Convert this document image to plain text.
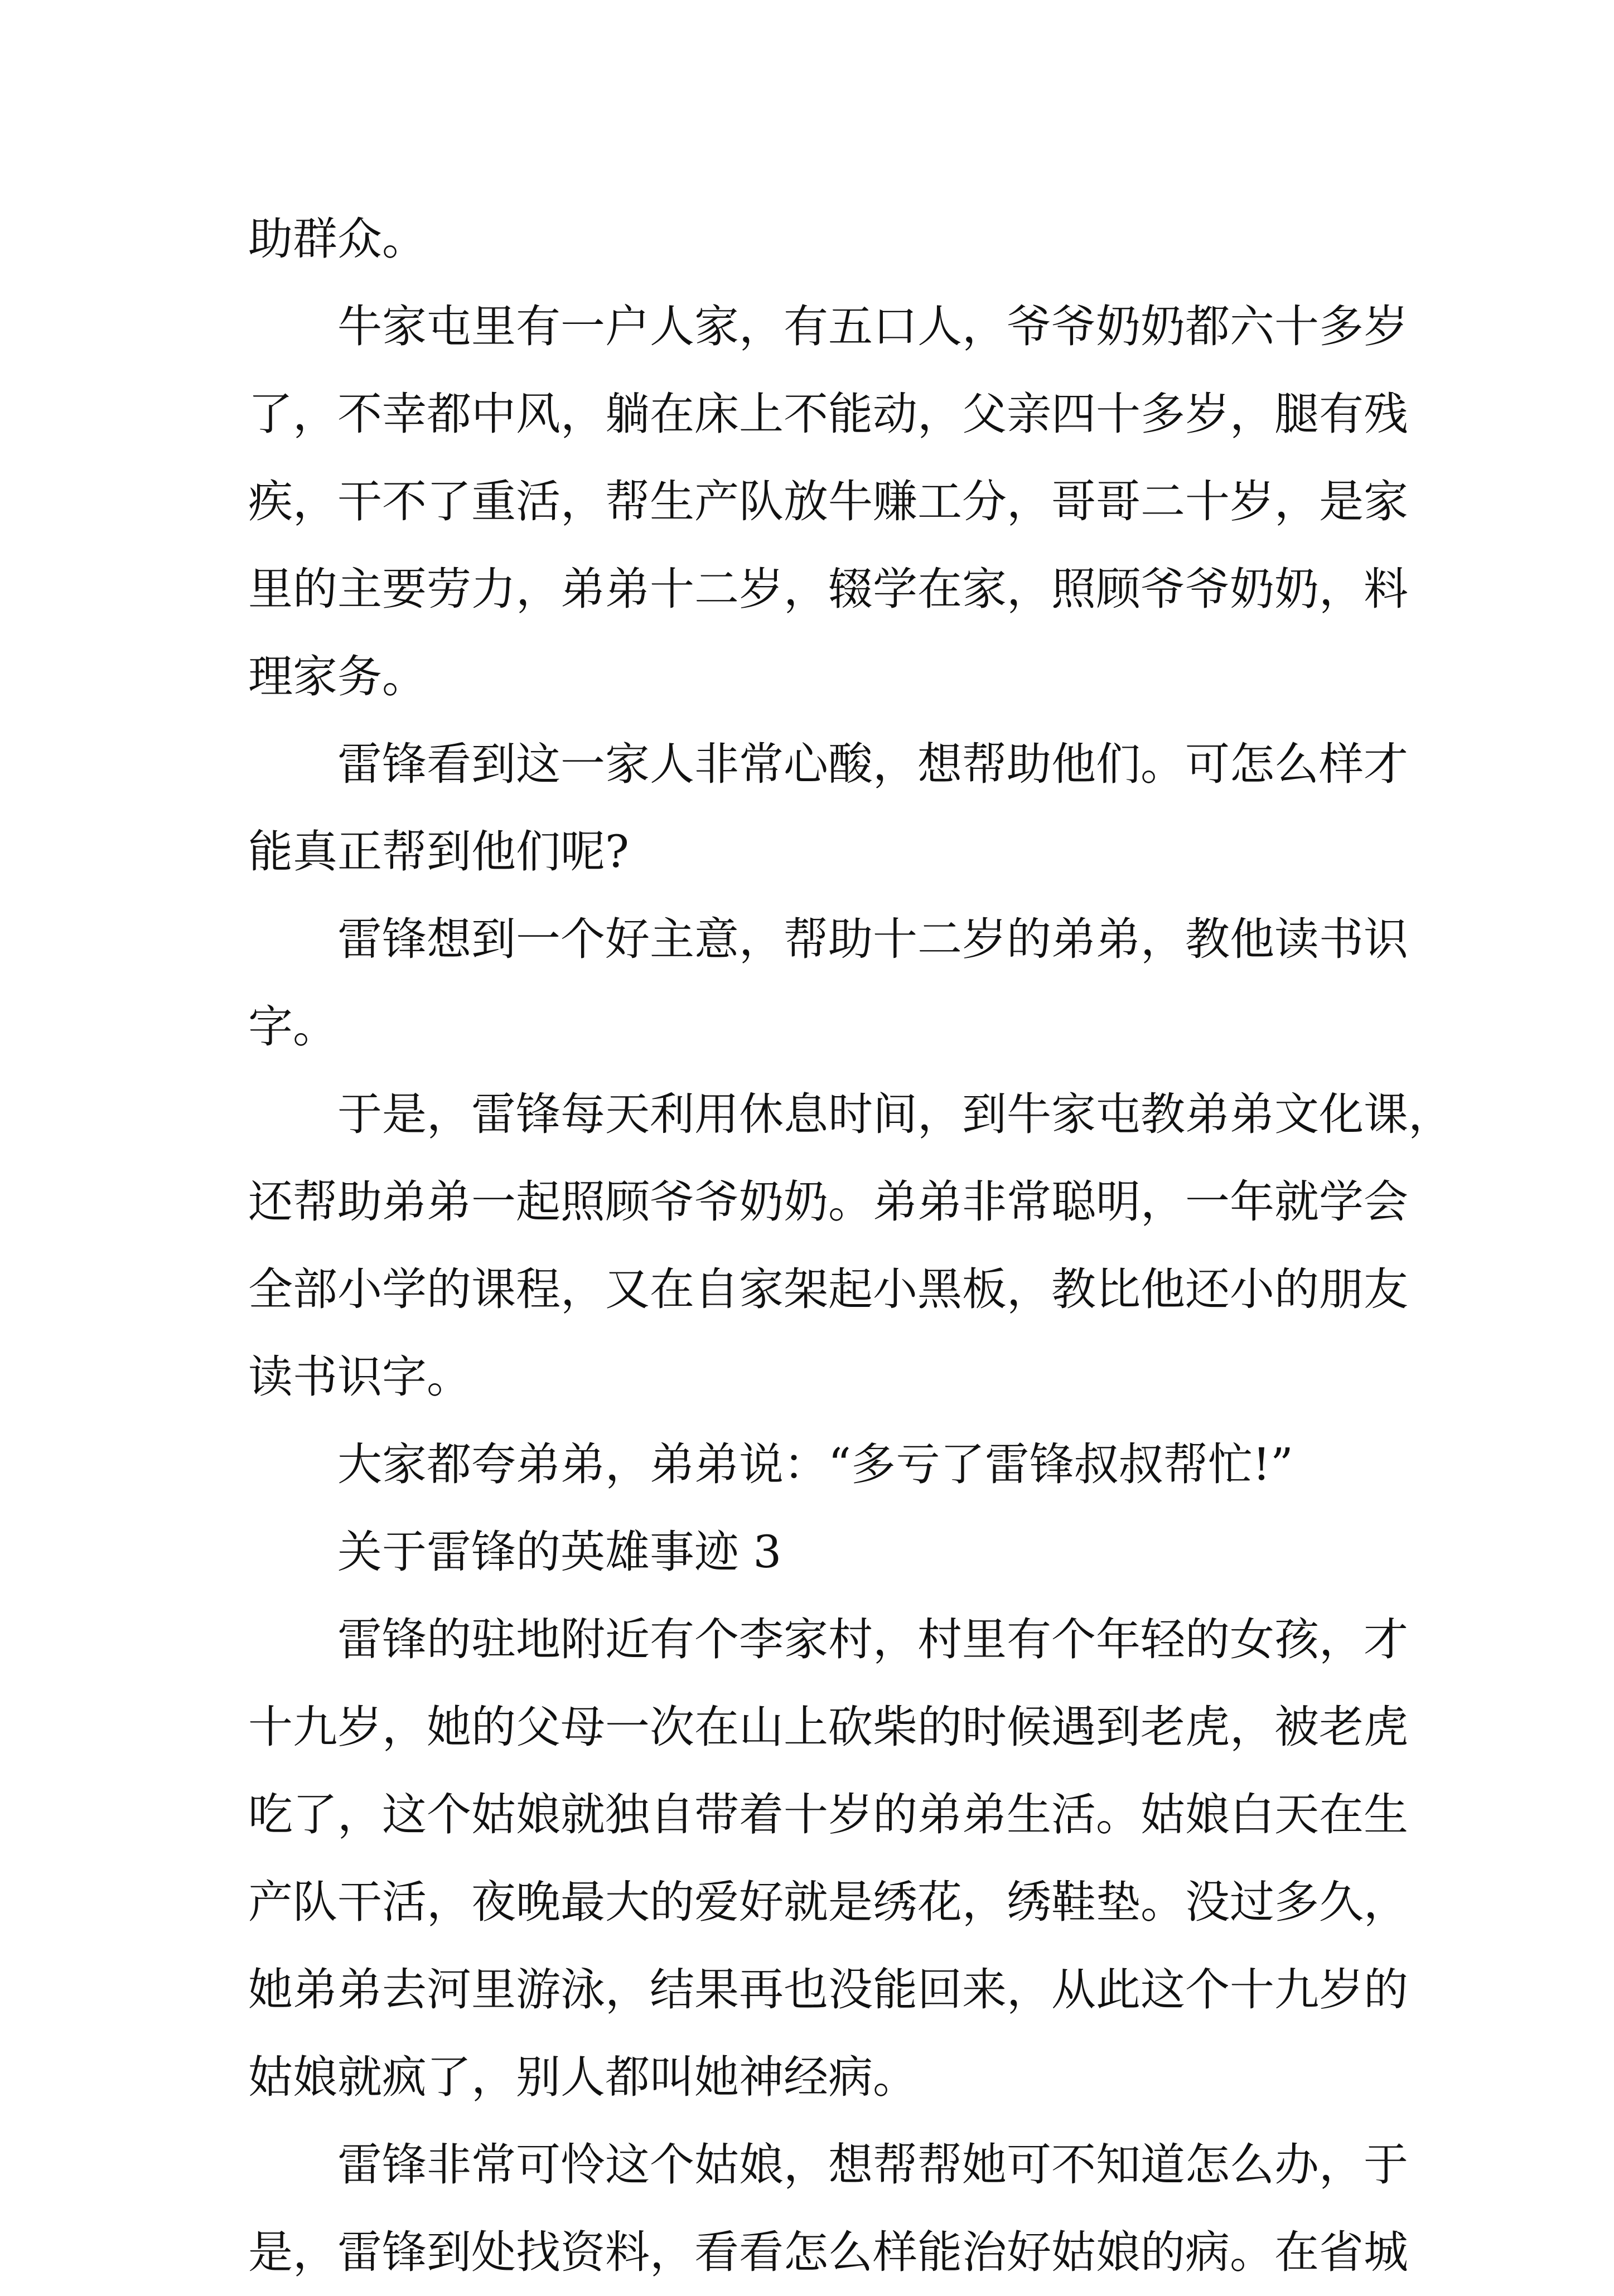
助群众。
牛家屯里有一户人家，有五口人，爷爷奶奶都六十多岁
了，不幸都中风，躺在床上不能动，父亲四十多岁，腿有残
疾，干不了重活，帮生产队放牛赚工分，哥哥二十岁，是家
里的主要劳力，弟弟十二岁，辍学在家，照顾爷爷奶奶，料
理家务。
雷锋看到这一家人非常心酸，想帮助他们。可怎么样才
能真正帮到他们呢?
雷锋想到一个好主意，帮助十二岁的弟弟，教他读书识
字。
于是，雷锋每天利用休息时间，到牛家屯教弟弟文化课，
还帮助弟弟一起照顾爷爷奶奶。弟弟非常聪明，一年就学会
全部小学的课程，又在自家架起小黑板，教比他还小的朋友
读书识字。
大家都夸弟弟，弟弟说：“多亏了雷锋叔叔帮忙!”
关于雷锋的英雄事迹 3
雷锋的驻地附近有个李家村，村里有个年轻的女孩，才
十九岁，她的父母一次在山上砍柴的时候遇到老虎，被老虎
吃了，这个姑娘就独自带着十岁的弟弟生活。姑娘白天在生
产队干活，夜晚最大的爱好就是绣花，绣鞋垫。没过多久，
她弟弟去河里游泳，结果再也没能回来，从此这个十九岁的
姑娘就疯了，别人都叫她神经病。
雷锋非常可怜这个姑娘，想帮帮她可不知道怎么办，于
是，雷锋到处找资料，看看怎么样能治好姑娘的病。在省城
